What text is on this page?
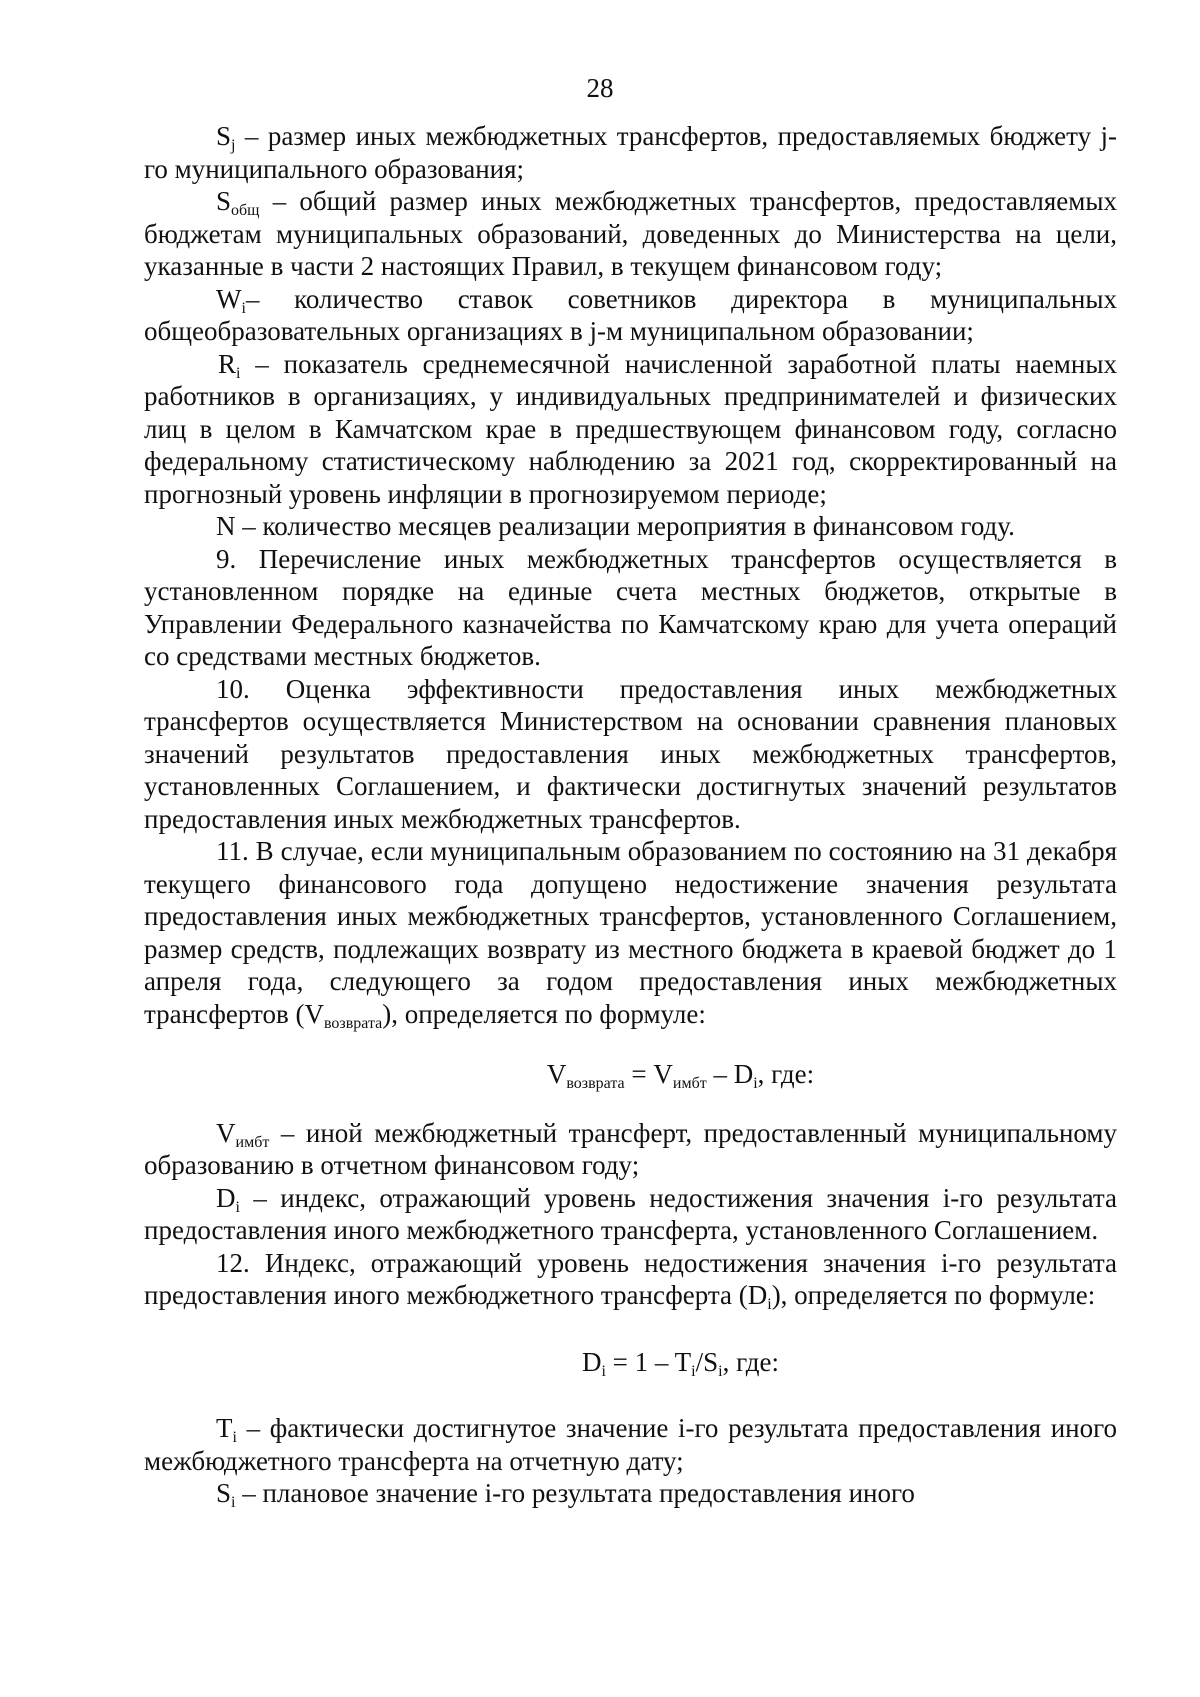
28

$S_j$ – размер иных межбюджетных трансфертов, предоставляемых бюджету j-го муниципального образования;

$S_{общ}$ – общий размер иных межбюджетных трансфертов, предоставляемых бюджетам муниципальных образований, доведенных до Министерства на цели, указанные в части 2 настоящих Правил, в текущем финансовом году;

$W_i-$ количество ставок советников директора в муниципальных общеобразовательных организациях в j-м муниципальном образовании;

$R_i$ – показатель среднемесячной начисленной заработной платы наемных работников в организациях, у индивидуальных предпринимателей и физических лиц в целом в Камчатском крае в предшествующем финансовом году, согласно федеральному статистическому наблюдению за 2021 год, скорректированный на прогнозный уровень инфляции в прогнозируемом периоде;

N – количество месяцев реализации мероприятия в финансовом году.

9. Перечисление иных межбюджетных трансфертов осуществляется в установленном порядке на единые счета местных бюджетов, открытые в Управлении Федерального казначейства по Камчатскому краю для учета операций со средствами местных бюджетов.

10. Оценка эффективности предоставления иных межбюджетных трансфертов осуществляется Министерством на основании сравнения плановых значений результатов предоставления иных межбюджетных трансфертов, установленных Соглашением, и фактически достигнутых значений результатов предоставления иных межбюджетных трансфертов.

11. В случае, если муниципальным образованием по состоянию на 31 декабря текущего финансового года допущено недостижение значения результата предоставления иных межбюджетных трансфертов, установленного Соглашением, размер средств, подлежащих возврату из местного бюджета в краевой бюджет до 1 апреля года, следующего за годом предоставления иных межбюджетных трансфертов $(V_{возврата})$, определяется по формуле:

$V_{возврата} = V_{имбт} - D_i$, где:

$V_{имбт}$ – иной межбюджетный трансферт, предоставленный муниципальному образованию в отчетном финансовом году;

$D_i$ – индекс, отражающий уровень недостижения значения i-го результата предоставления иного межбюджетного трансферта, установленного Соглашением.

12. Индекс, отражающий уровень недостижения значения i-го результата предоставления иного межбюджетного трансферта $(D_i)$, определяется по формуле:

$D_i = 1 - T_i/S_i$, где:

$T_i$ – фактически достигнутое значение i-го результата предоставления иного межбюджетного трансферта на отчетную дату;

$S_i$ – плановое значение i-го результата предоставления иного
